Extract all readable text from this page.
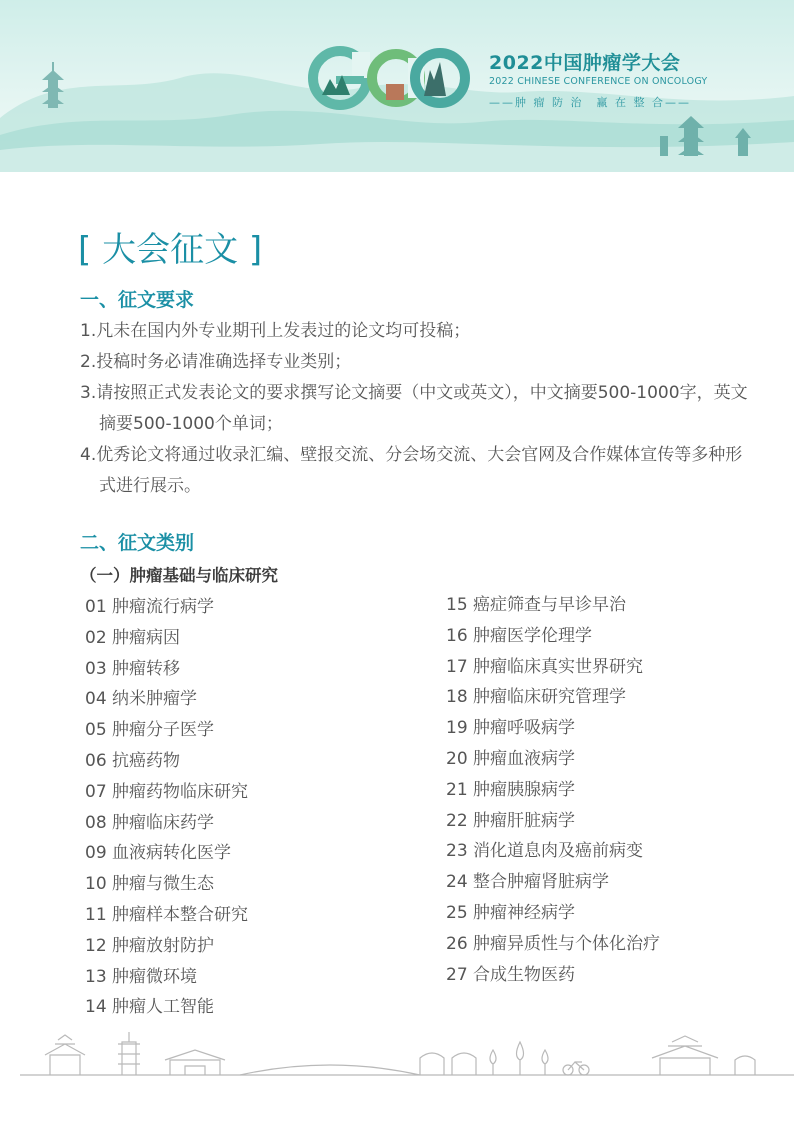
2022中国肿瘤学大会
2022 CHINESE CONFERENCE ON ONCOLOGY
——肿 瘤 防 治　赢 在 整 合——
[ 大会征文 ]
一、征文要求
1.凡未在国内外专业期刊上发表过的论文均可投稿；
2.投稿时务必请准确选择专业类别；
3.请按照正式发表论文的要求撰写论文摘要（中文或英文），中文摘要500-1000字，英文摘要500-1000个单词；
4.优秀论文将通过收录汇编、壁报交流、分会场交流、大会官网及合作媒体宣传等多种形式进行展示。
二、征文类别
（一）肿瘤基础与临床研究
01 肿瘤流行病学
02 肿瘤病因
03 肿瘤转移
04 纳米肿瘤学
05 肿瘤分子医学
06 抗癌药物
07 肿瘤药物临床研究
08 肿瘤临床药学
09 血液病转化医学
10 肿瘤与微生态
11 肿瘤样本整合研究
12 肿瘤放射防护
13 肿瘤微环境
14 肿瘤人工智能
15 癌症筛查与早诊早治
16 肿瘤医学伦理学
17 肿瘤临床真实世界研究
18 肿瘤临床研究管理学
19 肿瘤呼吸病学
20 肿瘤血液病学
21 肿瘤胰腺病学
22 肿瘤肝脏病学
23 消化道息肉及癌前病变
24 整合肿瘤肾脏病学
25 肿瘤神经病学
26 肿瘤异质性与个体化治疗
27 合成生物医药
